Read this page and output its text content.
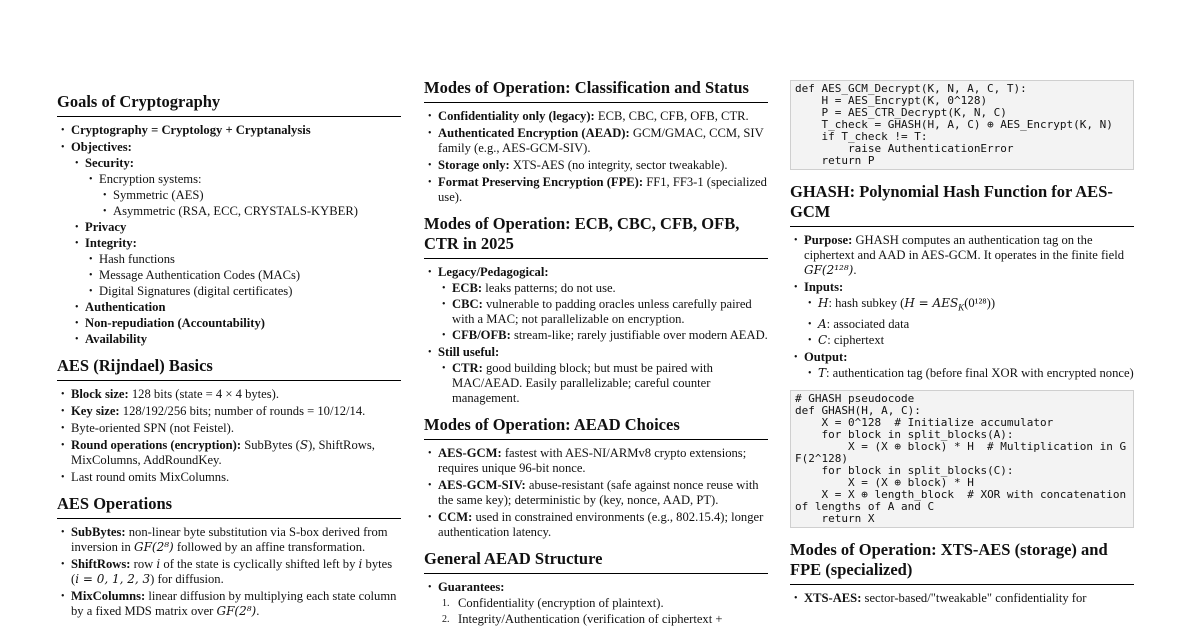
Goals of Cryptography
• Cryptography = Cryptology + Cryptanalysis
• Objectives:
• Security:
• Encryption systems:
• Symmetric (AES)
• Asymmetric (RSA, ECC, CRYSTALS-KYBER)
• Privacy
• Integrity:
• Hash functions
• Message Authentication Codes (MACs)
• Digital Signatures (digital certificates)
• Authentication
• Non-repudiation (Accountability)
• Availability
AES (Rijndael) Basics
• Block size: 128 bits (state = 4 × 4 bytes).
• Key size: 128/192/256 bits; number of rounds = 10/12/14.
• Byte-oriented SPN (not Feistel).
• Round operations (encryption): SubBytes (S), ShiftRows, MixColumns, AddRoundKey.
• Last round omits MixColumns.
AES Operations
• SubBytes: non-linear byte substitution via S-box derived from inversion in GF(2⁸) followed by an affine transformation.
• ShiftRows: row i of the state is cyclically shifted left by i bytes (i = 0, 1, 2, 3) for diffusion.
• MixColumns: linear diffusion by multiplying each state column by a fixed MDS matrix over GF(2⁸).
Modes of Operation: Classification and Status
• Confidentiality only (legacy): ECB, CBC, CFB, OFB, CTR.
• Authenticated Encryption (AEAD): GCM/GMAC, CCM, SIV family (e.g., AES-GCM-SIV).
• Storage only: XTS-AES (no integrity, sector tweakable).
• Format Preserving Encryption (FPE): FF1, FF3-1 (specialized use).
Modes of Operation: ECB, CBC, CFB, OFB, CTR in 2025
• Legacy/Pedagogical:
• ECB: leaks patterns; do not use.
• CBC: vulnerable to padding oracles unless carefully paired with a MAC; not parallelizable on encryption.
• CFB/OFB: stream-like; rarely justifiable over modern AEAD.
• Still useful:
• CTR: good building block; but must be paired with MAC/AEAD. Easily parallelizable; careful counter management.
Modes of Operation: AEAD Choices
• AES-GCM: fastest with AES-NI/ARMv8 crypto extensions; requires unique 96-bit nonce.
• AES-GCM-SIV: abuse-resistant (safe against nonce reuse with the same key); deterministic by (key, nonce, AAD, PT).
• CCM: used in constrained environments (e.g., 802.15.4); longer authentication latency.
General AEAD Structure
• Guarantees:
1. Confidentiality (encryption of plaintext).
2. Integrity/Authentication (verification of ciphertext +
def AES_GCM_Decrypt(K, N, A, C, T):
H = AES_Encrypt(K, 0^128)
P = AES_CTR_Decrypt(K, N, C)
T_check = GHASH(H, A, C) ⊕ AES_Encrypt(K, N)
if T_check != T:
raise AuthenticationError
return P
GHASH: Polynomial Hash Function for AES-GCM
• Purpose: GHASH computes an authentication tag on the ciphertext and AAD in AES-GCM. It operates in the finite field GF(2¹²⁸).
• Inputs:
• H: hash subkey $(H = AES_K(0^{128}))$
• A: associated data
• C: ciphertext
• Output:
• T: authentication tag (before final XOR with encrypted nonce)
# GHASH pseudocode
def GHASH(H, A, C):
X = 0^128  # Initialize accumulator
for block in split_blocks(A):
X = (X ⊕ block) * H  # Multiplication in GF(2^128)
for block in split_blocks(C):
X = (X ⊕ block) * H
X = X ⊕ length_block  # XOR with concatenation of lengths of A and C
return X
Modes of Operation: XTS-AES (storage) and FPE (specialized)
• XTS-AES: sector-based/"tweakable" confidentiality for
